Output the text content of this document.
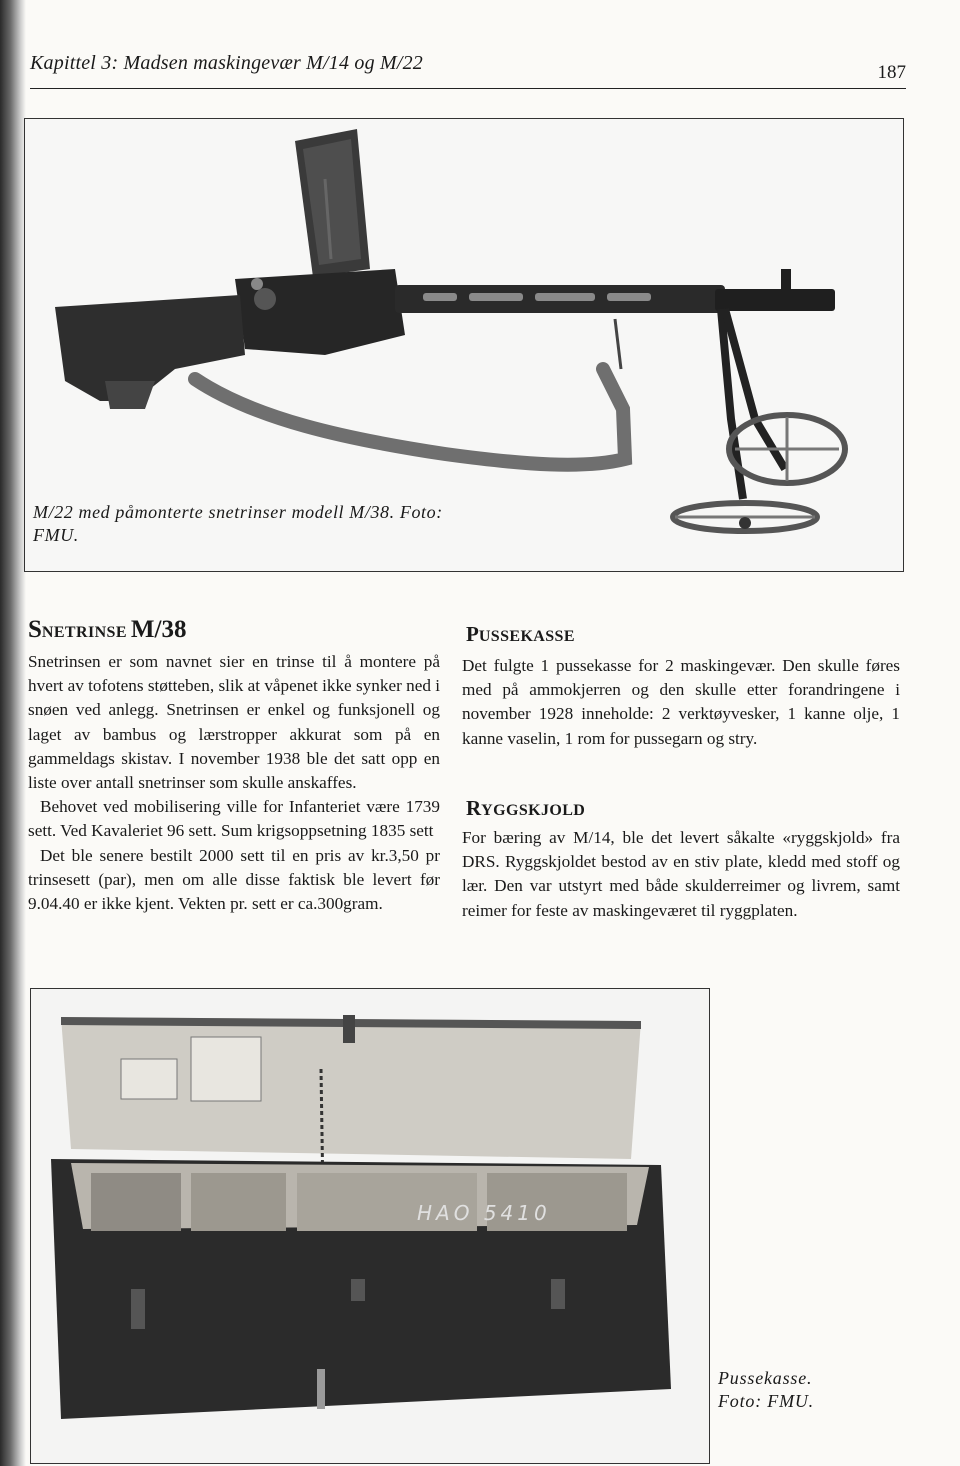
Kapittel 3: Madsen maskingevær M/14 og M/22	187
M/22 med påmonterte snetrinser modell M/38. Foto: FMU.
SNETRINSE M/38

Snetrinsen er som navnet sier en trinse til å montere på hvert av tofotens støtteben, slik at våpenet ikke synker ned i snøen ved anlegg. Snetrinsen er enkel og funksjonell og laget av bambus og lærstropper akkurat som på en gammeldags skistav. I november 1938 ble det satt opp en liste over antall snetrinser som skulle anskaffes.

Behovet ved mobilisering ville for Infanteriet være 1739 sett. Ved Kavaleriet 96 sett. Sum krigsoppsetning 1835 sett

Det ble senere bestilt 2000 sett til en pris av kr.3,50 pr trinsesett (par), men om alle disse faktisk ble levert før 9.04.40 er ikke kjent. Vekten pr. sett er ca.300gram.

PUSSEKASSE

Det fulgte 1 pussekasse for 2 maskingevær. Den skulle føres med på ammokjerren og den skulle etter forandringene i november 1928 inneholde: 2 verktøyvesker, 1 kanne olje, 1 kanne vaselin, 1 rom for pussegarn og stry.

RYGGSKJOLD

For bæring av M/14, ble det levert såkalte «ryggskjold» fra DRS. Ryggskjoldet bestod av en stiv plate, kledd med stoff og lær. Den var utstyrt med både skulderreimer og livrem, samt reimer for feste av maskingeværet til ryggplaten.

HAO 5410
Pussekasse.
Foto: FMU.
